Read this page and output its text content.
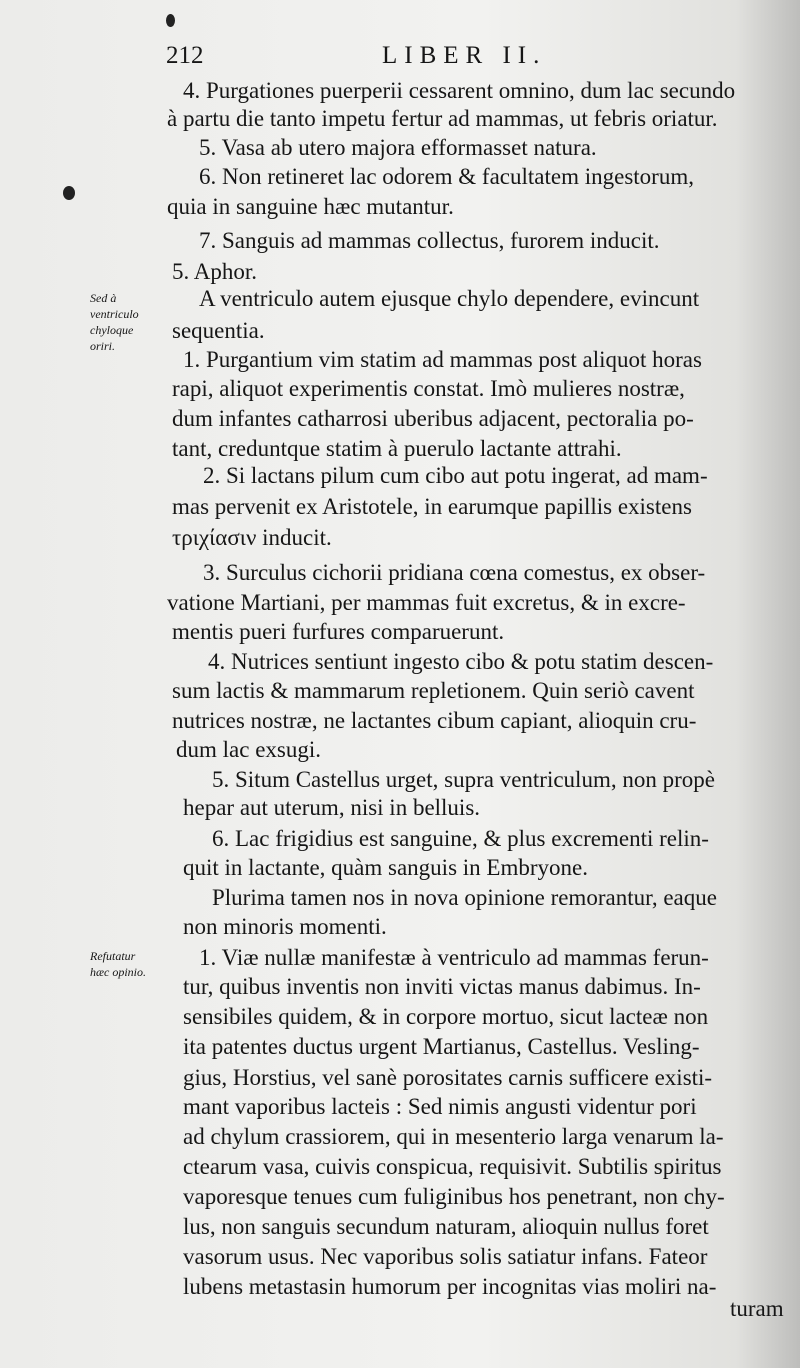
212	LIBER II.
Sed à
ventriculo
chyloque
oriri.
Refutatur
hæc opinio.
4. Purgationes puerperii cessarent omnino, dum lac secundo
à partu die tanto impetu fertur ad mammas, ut febris oriatur.
5. Vasa ab utero majora efformasset natura.
6. Non retineret lac odorem & facultatem ingestorum,
quia in sanguine hæc mutantur.
7. Sanguis ad mammas collectus, furorem inducit.
5. Aphor.
A ventriculo autem ejusque chylo dependere, evincunt
sequentia.
1. Purgantium vim statim ad mammas post aliquot horas
rapi, aliquot experimentis constat. Imò mulieres nostræ,
dum infantes catharrosi uberibus adjacent, pectoralia po-
tant, creduntque statim à puerulo lactante attrahi.
2. Si lactans pilum cum cibo aut potu ingerat, ad mam-
mas pervenit ex Aristotele, in earumque papillis existens
τριχίασιν inducit.
3. Surculus cichorii pridiana cœna comestus, ex obser-
vatione Martiani, per mammas fuit excretus, & in excre-
mentis pueri furfures comparuerunt.
4. Nutrices sentiunt ingesto cibo & potu statim descen-
sum lactis & mammarum repletionem. Quin seriò cavent
nutrices nostræ, ne lactantes cibum capiant, alioquin cru-
dum lac exsugi.
5. Situm Castellus urget, supra ventriculum, non propè
hepar aut uterum, nisi in belluis.
6. Lac frigidius est sanguine, & plus excrementi relin-
quit in lactante, quàm sanguis in Embryone.
Plurima tamen nos in nova opinione remorantur, eaque
non minoris momenti.
1. Viæ nullæ manifestæ à ventriculo ad mammas ferun-
tur, quibus inventis non inviti victas manus dabimus. In-
sensibiles quidem, & in corpore mortuo, sicut lacteæ non
ita patentes ductus urgent Martianus, Castellus. Vesling-
gius, Horstius, vel sanè porositates carnis sufficere existi-
mant vaporibus lacteis : Sed nimis angusti videntur pori
ad chylum crassiorem, qui in mesenterio larga venarum la-
ctearum vasa, cuivis conspicua, requisivit. Subtilis spiritus
vaporesque tenues cum fuliginibus hos penetrant, non chy-
lus, non sanguis secundum naturam, alioquin nullus foret
vasorum usus. Nec vaporibus solis satiatur infans. Fateor
lubens metastasin humorum per incognitas vias moliri na-
turam
